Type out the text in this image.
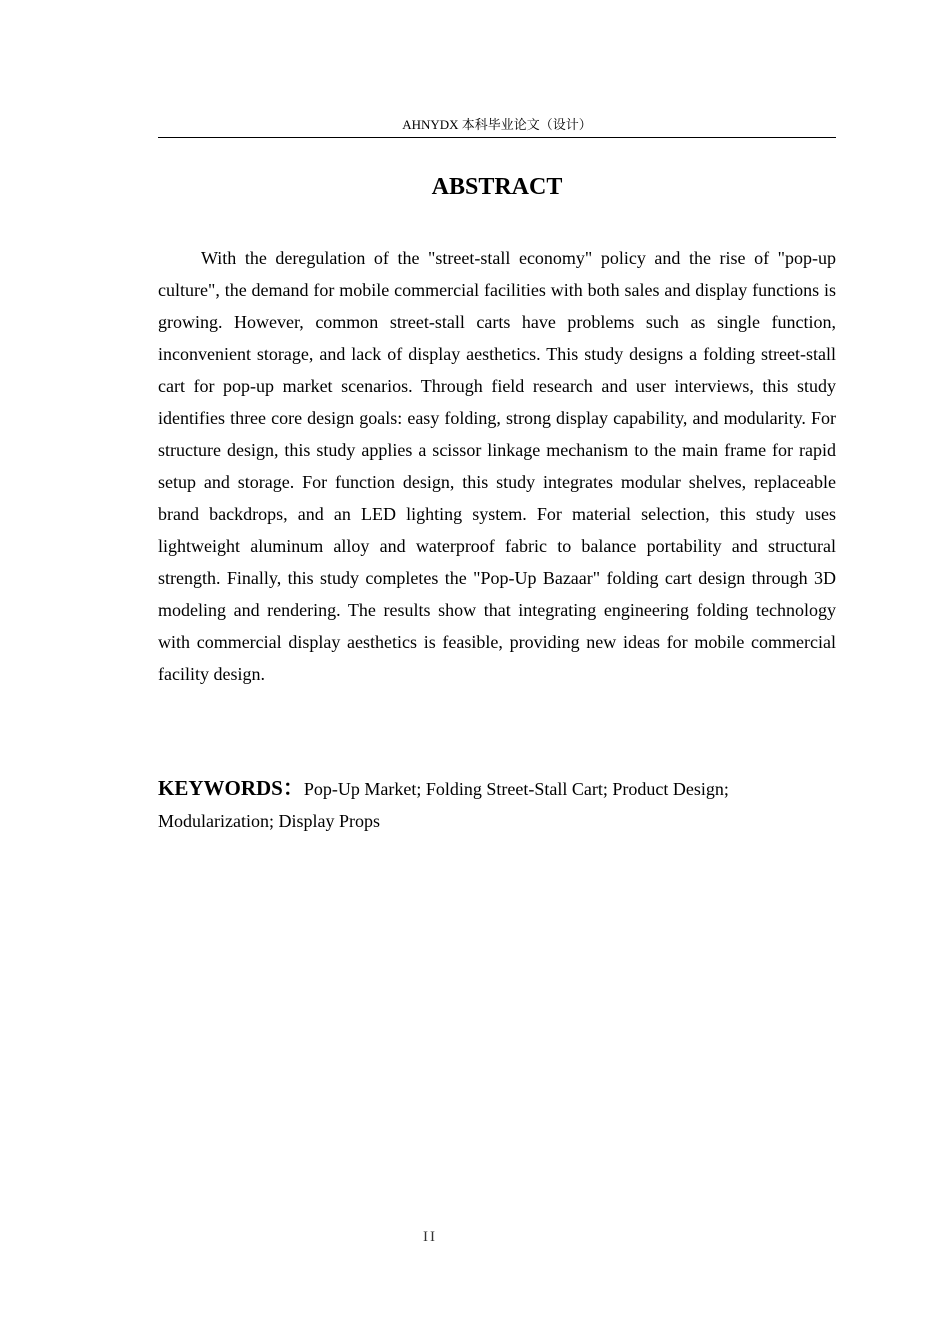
AHNYDX 本科毕业论文（设计）
ABSTRACT

With the deregulation of the "street-stall economy" policy and the rise of "pop-up culture", the demand for mobile commercial facilities with both sales and display functions is growing. However, common street-stall carts have problems such as single function, inconvenient storage, and lack of display aesthetics. This study designs a folding street-stall cart for pop-up market scenarios. Through field research and user interviews, this study identifies three core design goals: easy folding, strong display capability, and modularity. For structure design, this study applies a scissor linkage mechanism to the main frame for rapid setup and storage. For function design, this study integrates modular shelves, replaceable brand backdrops, and an LED lighting system. For material selection, this study uses lightweight aluminum alloy and waterproof fabric to balance portability and structural strength. Finally, this study completes the "Pop-Up Bazaar" folding cart design through 3D modeling and rendering. The results show that integrating engineering folding technology with commercial display aesthetics is feasible, providing new ideas for mobile commercial facility design.

KEYWORDS：Pop-Up Market; Folding Street-Stall Cart; Product Design; Modularization; Display Props

II
